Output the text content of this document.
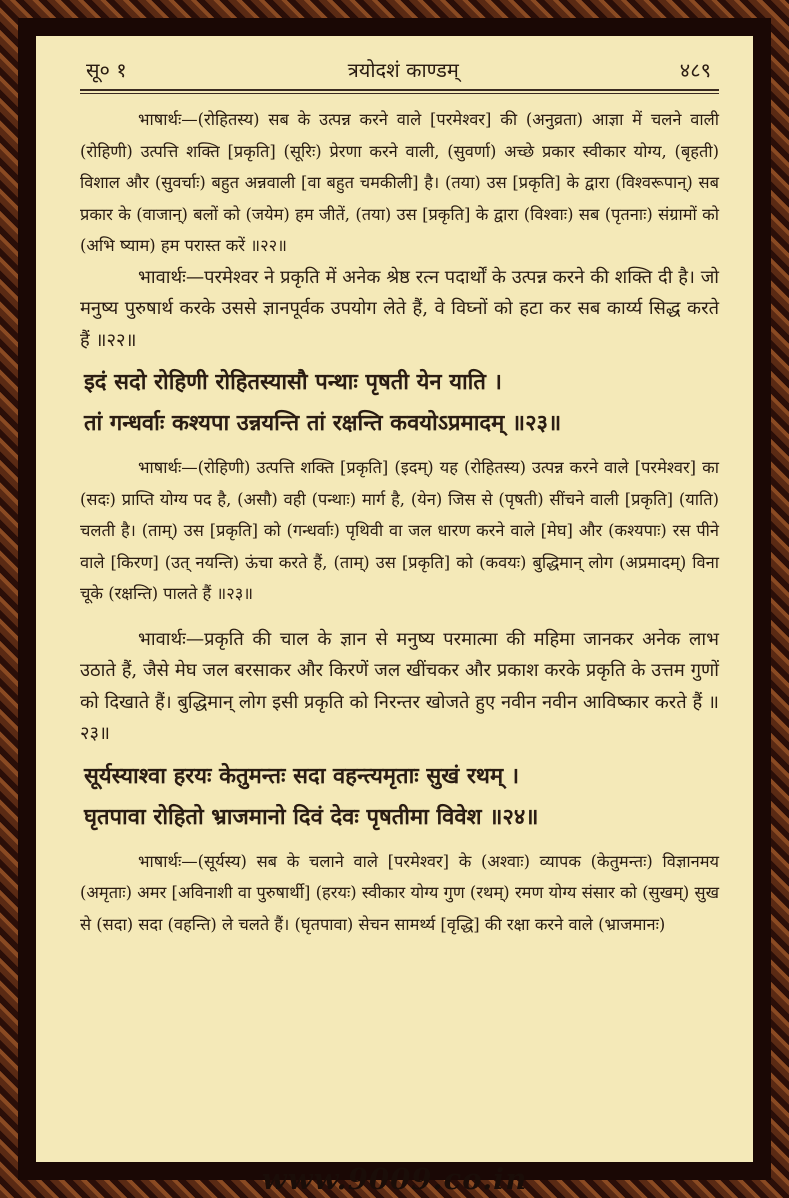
सू० १	त्रयोदशं काण्डम्	४८९

भाषार्थः—(रोहितस्य) सब के उत्पन्न करने वाले [परमेश्वर] की (अनुव्रता) आज्ञा में चलने वाली (रोहिणी) उत्पत्ति शक्ति [प्रकृति] (सूरिः) प्रेरणा करने वाली, (सुवर्णा) अच्छे प्रकार स्वीकार योग्य, (बृहती) विशाल और (सुवर्चाः) बहुत अन्नवाली [वा बहुत चमकीली] है। (तया) उस [प्रकृति] के द्वारा (विश्वरूपान्) सब प्रकार के (वाजान्) बलों को (जयेम) हम जीतें, (तया) उस [प्रकृति] के द्वारा (विश्वाः) सब (पृतनाः) संग्रामों को (अभि ष्याम) हम परास्त करें ॥२२॥

भावार्थः—परमेश्वर ने प्रकृति में अनेक श्रेष्ठ रत्न पदार्थों के उत्पन्न करने की शक्ति दी है। जो मनुष्य पुरुषार्थ करके उससे ज्ञानपूर्वक उपयोग लेते हैं, वे विघ्नों को हटा कर सब कार्य्य सिद्ध करते हैं ॥२२॥

इदं सदो रोहिणी रोहितस्यासौ पन्थाः पृषती येन याति ।
तां गन्धर्वाः कश्यपा उन्नयन्ति तां रक्षन्ति कवयोऽप्रमादम् ॥२३॥

भाषार्थः—(रोहिणी) उत्पत्ति शक्ति [प्रकृति] (इदम्) यह (रोहितस्य) उत्पन्न करने वाले [परमेश्वर] का (सदः) प्राप्ति योग्य पद है, (असौ) वही (पन्थाः) मार्ग है, (येन) जिस से (पृषती) सींचने वाली [प्रकृति] (याति) चलती है। (ताम्) उस [प्रकृति] को (गन्धर्वाः) पृथिवी वा जल धारण करने वाले [मेघ] और (कश्यपाः) रस पीने वाले [किरण] (उत् नयन्ति) ऊंचा करते हैं, (ताम्) उस [प्रकृति] को (कवयः) बुद्धिमान् लोग (अप्रमादम्) विना चूके (रक्षन्ति) पालते हैं ॥२३॥

भावार्थः—प्रकृति की चाल के ज्ञान से मनुष्य परमात्मा की महिमा जानकर अनेक लाभ उठाते हैं, जैसे मेघ जल बरसाकर और किरणें जल खींचकर और प्रकाश करके प्रकृति के उत्तम गुणों को दिखाते हैं। बुद्धिमान् लोग इसी प्रकृति को निरन्तर खोजते हुए नवीन नवीन आविष्कार करते हैं ॥२३॥

सूर्यस्याश्वा हरयः केतुमन्तः सदा वहन्त्यमृताः सुखं रथम् ।
घृतपावा रोहितो भ्राजमानो दिवं देवः पृषतीमा विवेश ॥२४॥

भाषार्थः—(सूर्यस्य) सब के चलाने वाले [परमेश्वर] के (अश्वाः) व्यापक (केतुमन्तः) विज्ञानमय (अमृताः) अमर [अविनाशी वा पुरुषार्थी] (हरयः) स्वीकार योग्य गुण (रथम्) रमण योग्य संसार को (सुखम्) सुख से (सदा) सदा (वहन्ति) ले चलते हैं। (घृतपावा) सेचन सामर्थ्य [वृद्धि] की रक्षा करने वाले (भ्राजमानः)

www.9009.co.in
